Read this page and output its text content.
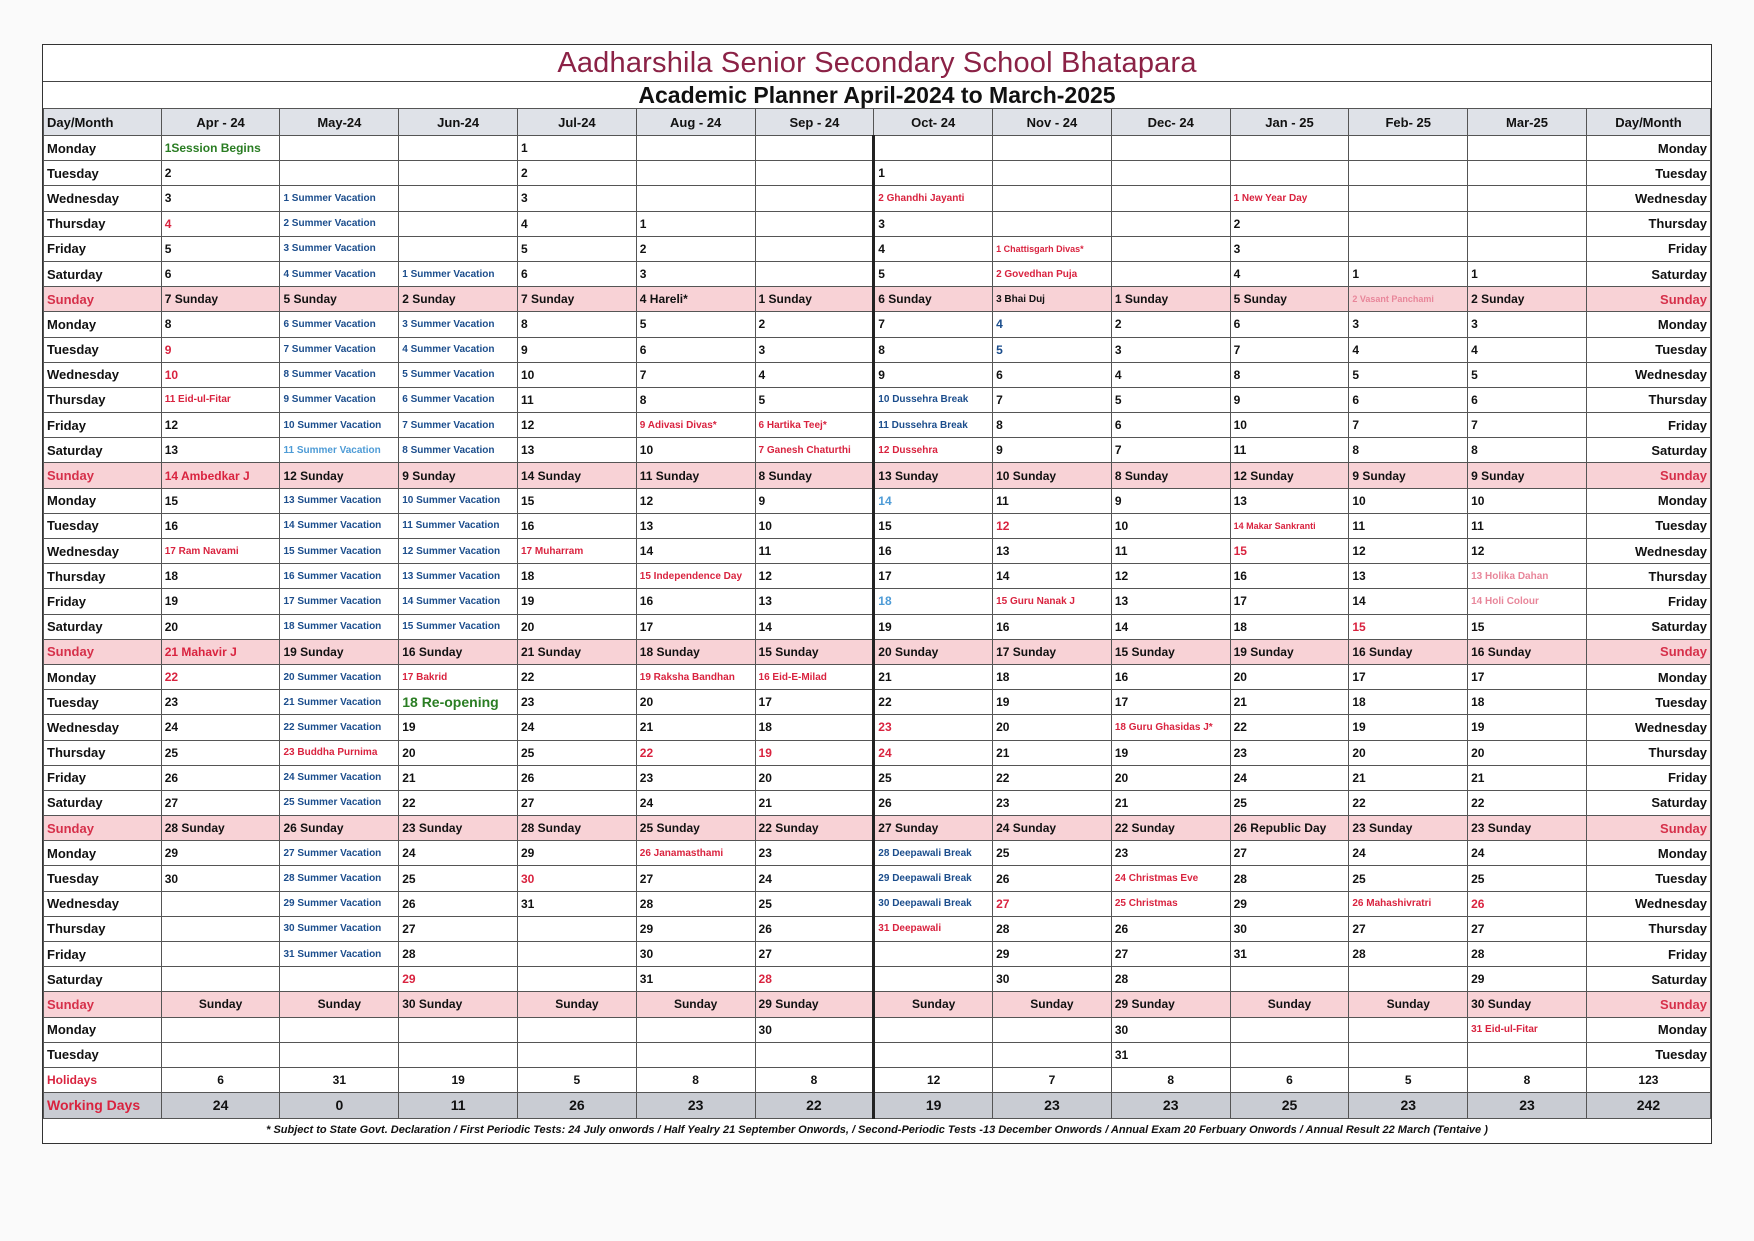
Aadharshila Senior Secondary School Bhatapara
Academic Planner April-2024 to March-2025
Day/Month	Apr - 24	May-24	Jun-24	Jul-24	Aug - 24	Sep - 24	Oct- 24	Nov - 24	Dec- 24	Jan - 25	Feb- 25	Mar-25	Day/Month
Monday	1Session Begins			1									Monday
Tuesday	2			2			1						Tuesday
Wednesday	3	1 Summer Vacation		3			2 Ghandhi Jayanti			1 New Year Day			Wednesday
Thursday	4	2 Summer Vacation		4	1		3			2			Thursday
Friday	5	3 Summer Vacation		5	2		4	1 Chattisgarh Divas*		3			Friday
Saturday	6	4 Summer Vacation	1 Summer Vacation	6	3		5	2 Govedhan Puja		4	1	1	Saturday
Sunday	7 Sunday	5 Sunday	2 Sunday	7 Sunday	4 Hareli*	1 Sunday	6 Sunday	3 Bhai Duj	1 Sunday	5 Sunday	2 Vasant Panchami	2 Sunday	Sunday
Monday	8	6 Summer Vacation	3 Summer Vacation	8	5	2	7	4	2	6	3	3	Monday
Tuesday	9	7 Summer Vacation	4 Summer Vacation	9	6	3	8	5	3	7	4	4	Tuesday
Wednesday	10	8 Summer Vacation	5 Summer Vacation	10	7	4	9	6	4	8	5	5	Wednesday
Thursday	11 Eid-ul-Fitar	9 Summer Vacation	6 Summer Vacation	11	8	5	10 Dussehra Break	7	5	9	6	6	Thursday
Friday	12	10 Summer Vacation	7 Summer Vacation	12	9 Adivasi Divas*	6 Hartika Teej*	11 Dussehra Break	8	6	10	7	7	Friday
Saturday	13	11 Summer Vacation	8 Summer Vacation	13	10	7 Ganesh Chaturthi	12 Dussehra	9	7	11	8	8	Saturday
Sunday	14 Ambedkar J	12 Sunday	9 Sunday	14 Sunday	11 Sunday	8 Sunday	13 Sunday	10 Sunday	8 Sunday	12 Sunday	9 Sunday	9 Sunday	Sunday
Monday	15	13 Summer Vacation	10 Summer Vacation	15	12	9	14	11	9	13	10	10	Monday
Tuesday	16	14 Summer Vacation	11 Summer Vacation	16	13	10	15	12	10	14 Makar Sankranti	11	11	Tuesday
Wednesday	17 Ram Navami	15 Summer Vacation	12 Summer Vacation	17 Muharram	14	11	16	13	11	15	12	12	Wednesday
Thursday	18	16 Summer Vacation	13 Summer Vacation	18	15 Independence Day	12	17	14	12	16	13	13 Holika Dahan	Thursday
Friday	19	17 Summer Vacation	14 Summer Vacation	19	16	13	18	15 Guru Nanak J	13	17	14	14 Holi Colour	Friday
Saturday	20	18 Summer Vacation	15 Summer Vacation	20	17	14	19	16	14	18	15	15	Saturday
Sunday	21 Mahavir J	19 Sunday	16 Sunday	21 Sunday	18 Sunday	15 Sunday	20 Sunday	17 Sunday	15 Sunday	19 Sunday	16 Sunday	16 Sunday	Sunday
Monday	22	20 Summer Vacation	17 Bakrid	22	19 Raksha Bandhan	16 Eid-E-Milad	21	18	16	20	17	17	Monday
Tuesday	23	21 Summer Vacation	18 Re-opening	23	20	17	22	19	17	21	18	18	Tuesday
Wednesday	24	22 Summer Vacation	19	24	21	18	23	20	18 Guru Ghasidas J*	22	19	19	Wednesday
Thursday	25	23 Buddha Purnima	20	25	22	19	24	21	19	23	20	20	Thursday
Friday	26	24 Summer Vacation	21	26	23	20	25	22	20	24	21	21	Friday
Saturday	27	25 Summer Vacation	22	27	24	21	26	23	21	25	22	22	Saturday
Sunday	28 Sunday	26 Sunday	23 Sunday	28 Sunday	25 Sunday	22 Sunday	27 Sunday	24 Sunday	22 Sunday	26 Republic Day	23 Sunday	23 Sunday	Sunday
Monday	29	27 Summer Vacation	24	29	26 Janamasthami	23	28 Deepawali Break	25	23	27	24	24	Monday
Tuesday	30	28 Summer Vacation	25	30	27	24	29 Deepawali Break	26	24 Christmas Eve	28	25	25	Tuesday
Wednesday		29 Summer Vacation	26	31	28	25	30 Deepawali Break	27	25 Christmas	29	26 Mahashivratri	26	Wednesday
Thursday		30 Summer Vacation	27		29	26	31 Deepawali	28	26	30	27	27	Thursday
Friday		31 Summer Vacation	28		30	27		29	27	31	28	28	Friday
Saturday			29		31	28		30	28			29	Saturday
Sunday	Sunday	Sunday	30 Sunday	Sunday	Sunday	29 Sunday	Sunday	Sunday	29 Sunday	Sunday	Sunday	30 Sunday	Sunday
Monday						30			30			31 Eid-ul-Fitar	Monday
Tuesday									31				Tuesday
Holidays	6	31	19	5	8	8	12	7	8	6	5	8	123
Working Days	24	0	11	26	23	22	19	23	23	25	23	23	242
* Subject to State Govt. Declaration / First Periodic Tests: 24 July onwords / Half Yealry 21 September Onwords, / Second-Periodic Tests -13 December Onwords / Annual Exam 20 Ferbuary Onwords / Annual Result 22 March (Tentaive )
